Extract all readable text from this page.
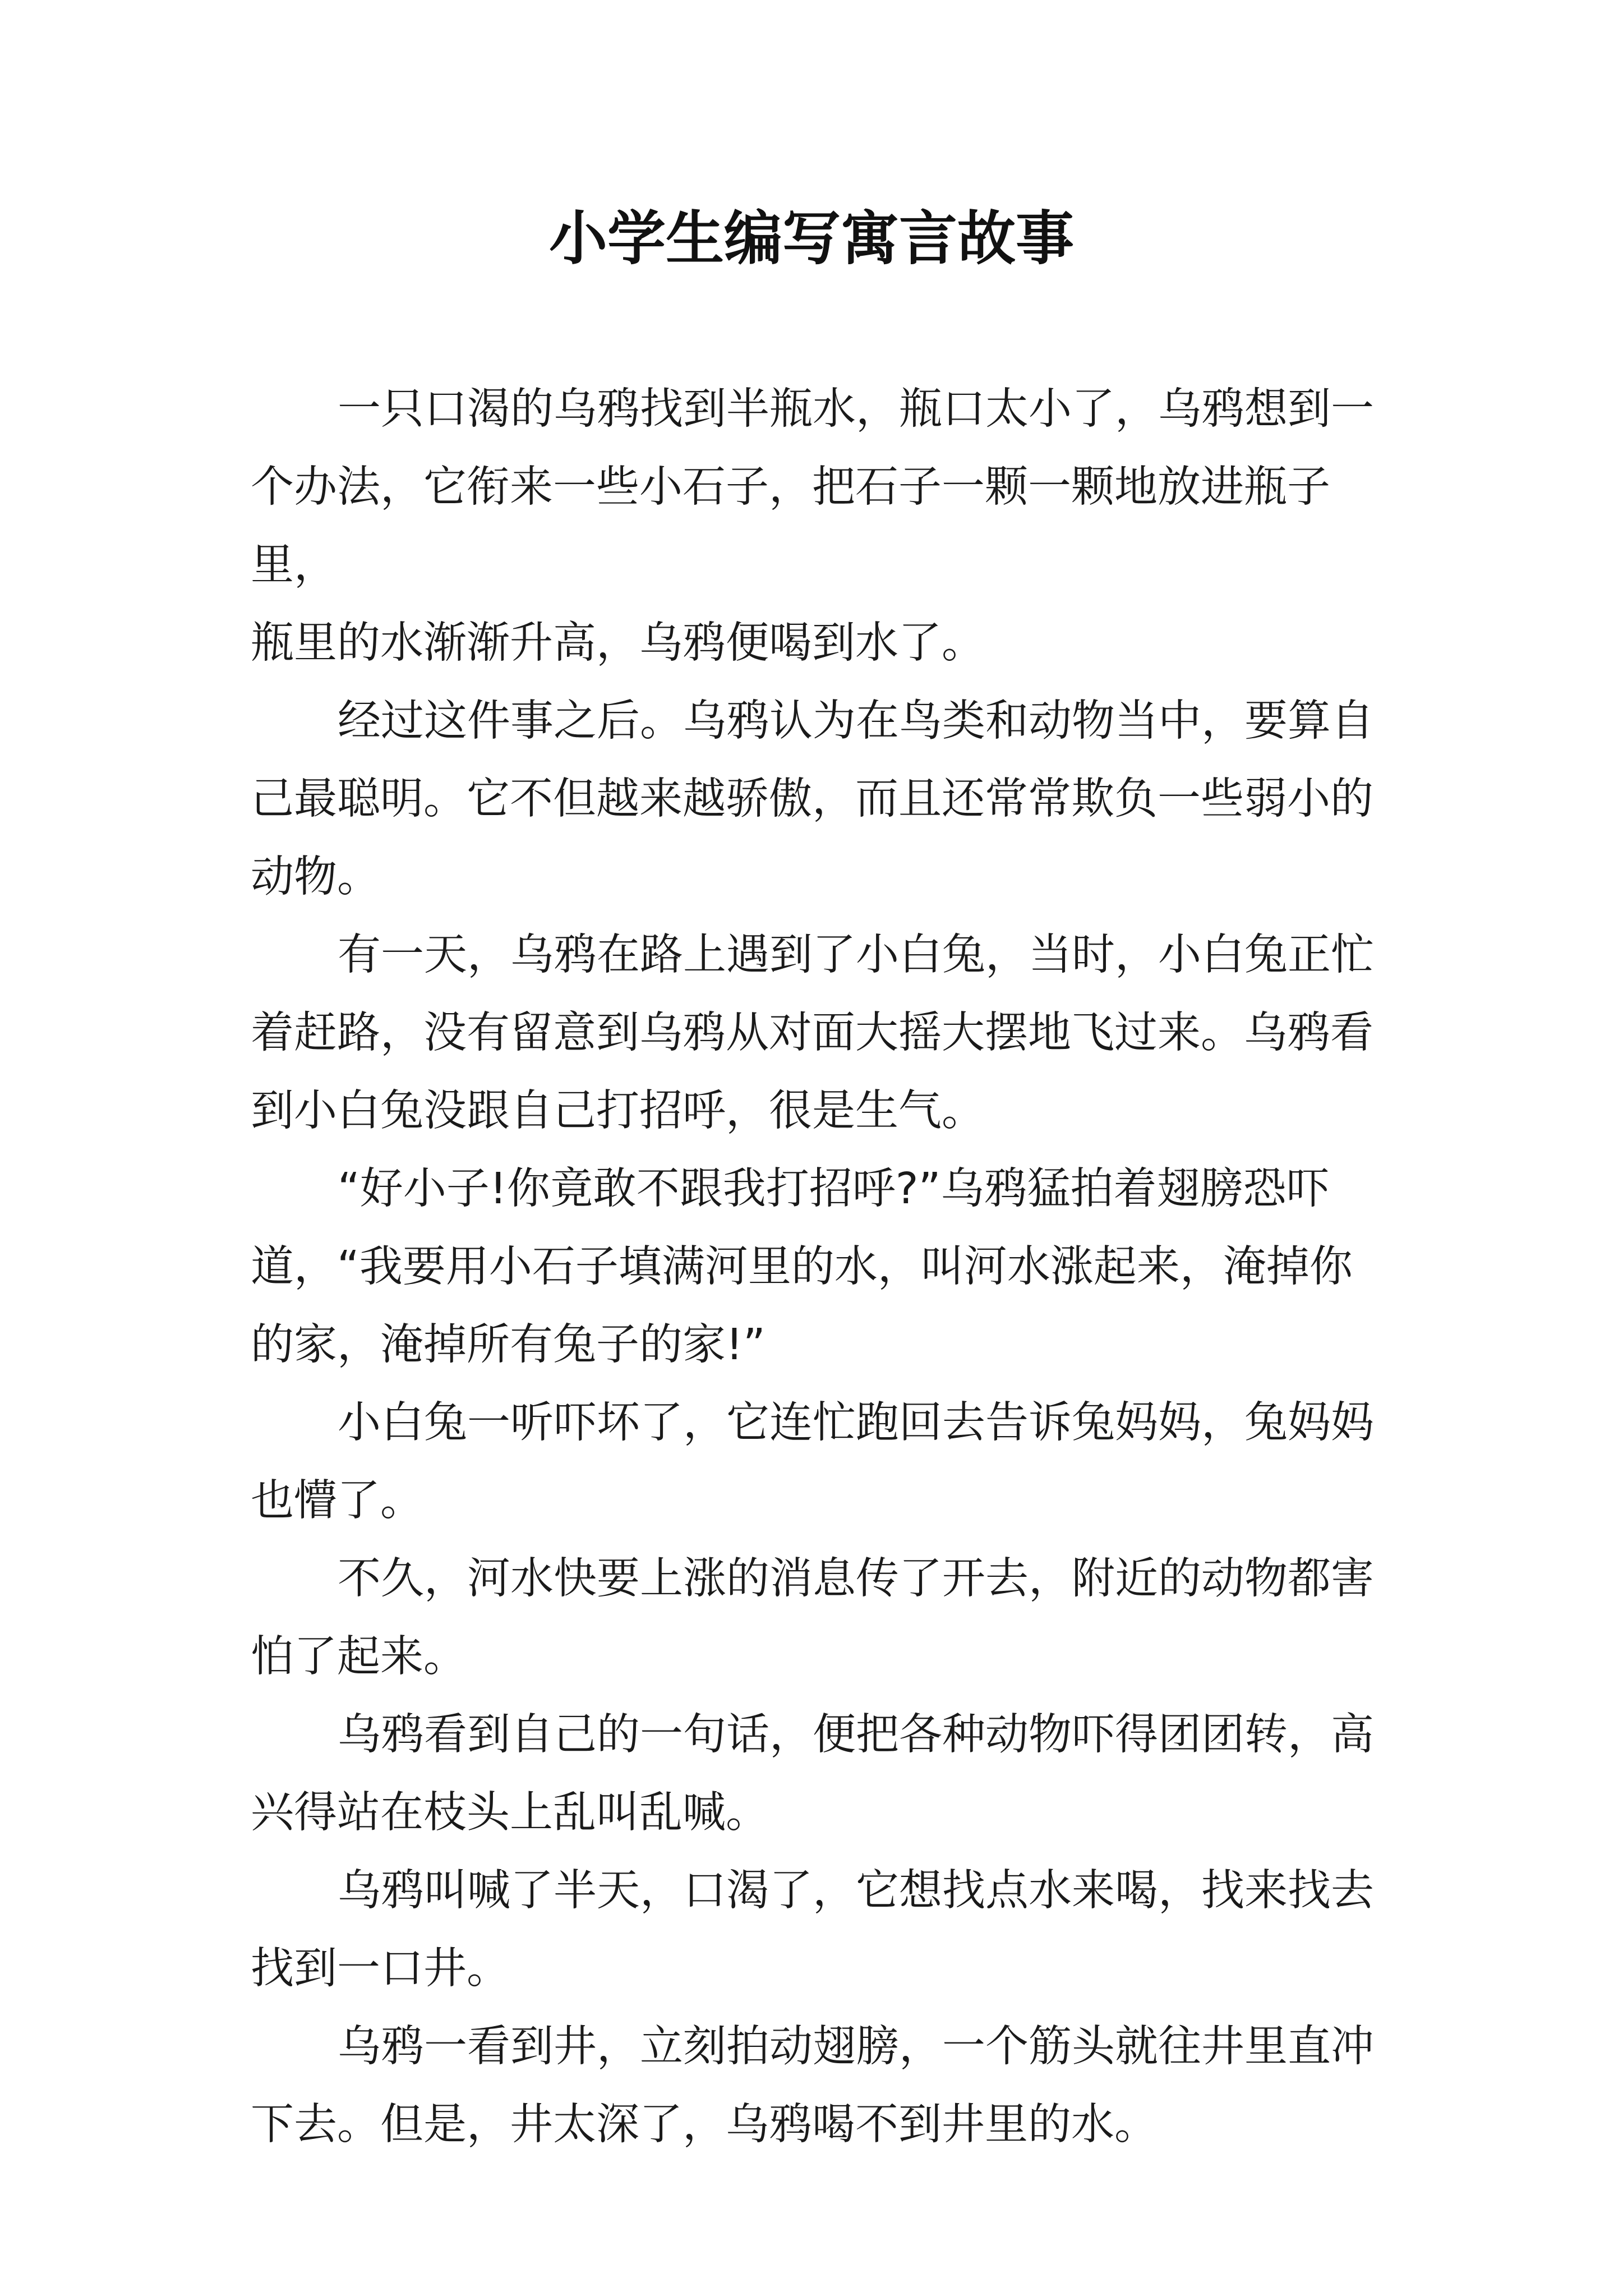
小学生编写寓言故事

一只口渴的乌鸦找到半瓶水，瓶口太小了，乌鸦想到一
个办法，它衔来一些小石子，把石子一颗一颗地放进瓶子里，
瓶里的水渐渐升高，乌鸦便喝到水了。

经过这件事之后。乌鸦认为在鸟类和动物当中，要算自
己最聪明。它不但越来越骄傲，而且还常常欺负一些弱小的
动物。

有一天，乌鸦在路上遇到了小白兔，当时，小白兔正忙
着赶路，没有留意到乌鸦从对面大摇大摆地飞过来。乌鸦看
到小白兔没跟自己打招呼，很是生气。

“好小子!你竟敢不跟我打招呼?”乌鸦猛拍着翅膀恐吓
道，“我要用小石子填满河里的水，叫河水涨起来，淹掉你
的家，淹掉所有兔子的家!”

小白兔一听吓坏了，它连忙跑回去告诉兔妈妈，兔妈妈
也懵了。

不久，河水快要上涨的消息传了开去，附近的动物都害
怕了起来。

乌鸦看到自己的一句话，便把各种动物吓得团团转，高
兴得站在枝头上乱叫乱喊。

乌鸦叫喊了半天，口渴了，它想找点水来喝，找来找去
找到一口井。

乌鸦一看到井，立刻拍动翅膀，一个筋头就往井里直冲
下去。但是，井太深了，乌鸦喝不到井里的水。
